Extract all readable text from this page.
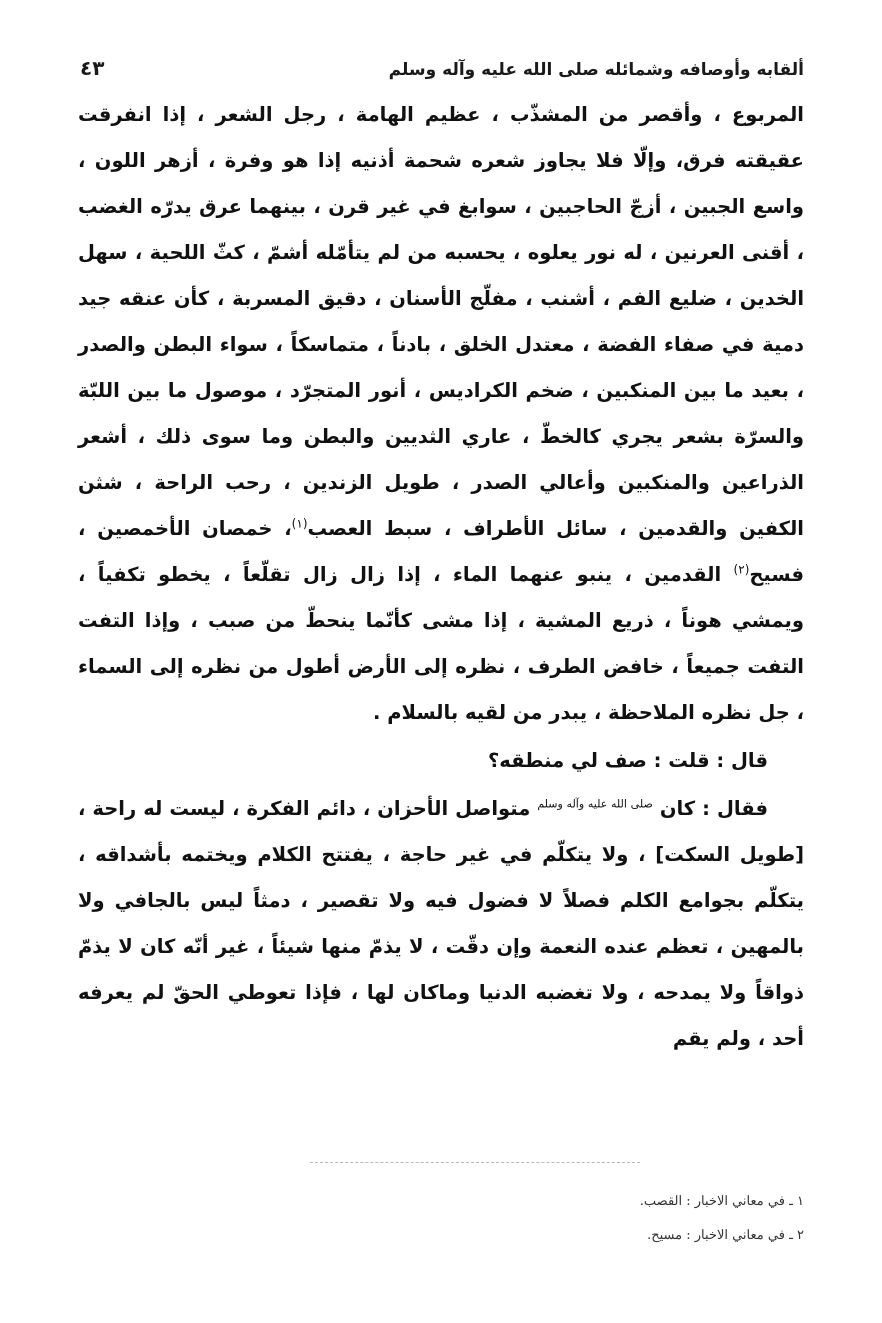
ألقابه وأوصافه وشمائله صلى الله عليه وآله وسلم
٤٣

المربوع ، وأقصر من المشذّب ، عظيم الهامة ، رجل الشعر ، إذا انفرقت عقيقته فرق، وإلّا فلا يجاوز شعره شحمة أذنيه إذا هو وفرة ، أزهر اللون ، واسع الجبين ، أزجّ الحاجبين ، سوابغ في غير قرن ، بينهما عرق يدرّه الغضب ، أقنى العرنين ، له نور يعلوه ، يحسبه من لم يتأمّله أشمّ ، كثّ اللحية ، سهل الخدين ، ضليع الفم ، أشنب ، مفلّج الأسنان ، دقيق المسربة ، كأن عنقه جيد دمية في صفاء الفضة ، معتدل الخلق ، بادناً ، متماسكاً ، سواء البطن والصدر ، بعيد ما بين المنكبين ، ضخم الكراديس ، أنور المتجرّد ، موصول ما بين اللبّة والسرّة بشعر يجري كالخطّ ، عاري الثديين والبطن وما سوى ذلك ، أشعر الذراعين والمنكبين وأعالي الصدر ، طويل الزندين ، رحب الراحة ، شثن الكفين والقدمين ، سائل الأطراف ، سبط العصب$^{(١)}$، خمصان الأخمصين ، فسيح$^{(٢)}$ القدمين ، ينبو عنهما الماء ، إذا زال زال تقلّعاً ، يخطو تكفياً ، ويمشي هوناً ، ذريع المشية ، إذا مشى كأنّما ينحطّ من صبب ، وإذا التفت التفت جميعاً ، خافض الطرف ، نظره إلى الأرض أطول من نظره إلى السماء ، جل نظره الملاحظة ، يبدر من لقيه بالسلام .

قال : قلت : صف لي منطقه؟

فقال : كان $^{صلى الله عليه وآله وسلم}$ متواصل الأحزان ، دائم الفكرة ، ليست له راحة ، [طويل السكت] ، ولا يتكلّم في غير حاجة ، يفتتح الكلام ويختمه بأشداقه ، يتكلّم بجوامع الكلم فصلاً لا فضول فيه ولا تقصير ، دمثاً ليس بالجافي ولا بالمهين ، تعظم عنده النعمة وإن دقّت ، لا يذمّ منها شيئاً ، غير أنّه كان لا يذمّ ذواقاً ولا يمدحه ، ولا تغضبه الدنيا وماكان لها ، فإذا تعوطي الحقّ لم يعرفه أحد ، ولم يقم

١ ـ في معاني الاخبار : القصب.

٢ ـ في معاني الاخبار : مسيح.
